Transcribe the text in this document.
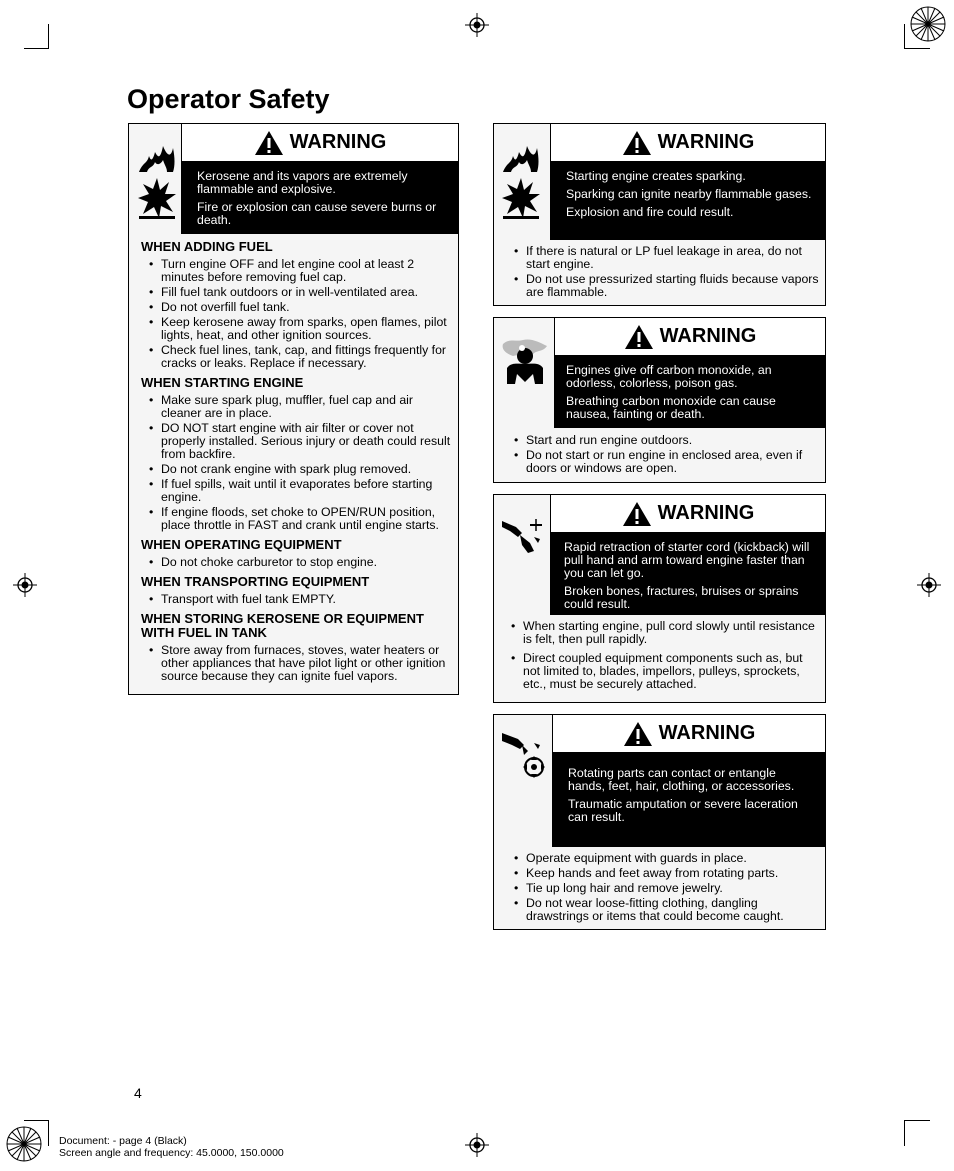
Operator Safety
WARNING

Kerosene and its vapors are extremely flammable and explosive.

Fire or explosion can cause severe burns or death.

WHEN ADDING FUEL
• Turn engine OFF and let engine cool at least 2 minutes before removing fuel cap.
• Fill fuel tank outdoors or in well-ventilated area.
• Do not overfill fuel tank.
• Keep kerosene away from sparks, open flames, pilot lights, heat, and other ignition sources.
• Check fuel lines, tank, cap, and fittings frequently for cracks or leaks. Replace if necessary.
WHEN STARTING ENGINE
• Make sure spark plug, muffler, fuel cap and air cleaner are in place.
• DO NOT start engine with air filter or cover not properly installed. Serious injury or death could result from backfire.
• Do not crank engine with spark plug removed.
• If fuel spills, wait until it evaporates before starting engine.
• If engine floods, set choke to OPEN/RUN position, place throttle in FAST and crank until engine starts.
WHEN OPERATING EQUIPMENT
• Do not choke carburetor to stop engine.
WHEN TRANSPORTING EQUIPMENT
• Transport with fuel tank EMPTY.
WHEN STORING KEROSENE OR EQUIPMENT WITH FUEL IN TANK
• Store away from furnaces, stoves, water heaters or other appliances that have pilot light or other ignition source because they can ignite fuel vapors.
WARNING

Starting engine creates sparking.

Sparking can ignite nearby flammable gases.

Explosion and fire could result.

• If there is natural or LP fuel leakage in area, do not start engine.
• Do not use pressurized starting fluids because vapors are flammable.
WARNING

Engines give off carbon monoxide, an odorless, colorless, poison gas.

Breathing carbon monoxide can cause nausea, fainting or death.

• Start and run engine outdoors.
• Do not start or run engine in enclosed area, even if doors or windows are open.
WARNING

Rapid retraction of starter cord (kickback) will pull hand and arm toward engine faster than you can let go.

Broken bones, fractures, bruises or sprains could result.

• When starting engine, pull cord slowly until resistance is felt, then pull rapidly.
• Direct coupled equipment components such as, but not limited to, blades, impellors, pulleys, sprockets, etc., must be securely attached.
WARNING

Rotating parts can contact or entangle hands, feet, hair, clothing, or accessories.

Traumatic amputation or severe laceration can result.

• Operate equipment with guards in place.
• Keep hands and feet away from rotating parts.
• Tie up long hair and remove jewelry.
• Do not wear loose-fitting clothing, dangling drawstrings or items that could become caught.
4
Document: - page 4 (Black)
Screen angle and frequency: 45.0000, 150.0000
